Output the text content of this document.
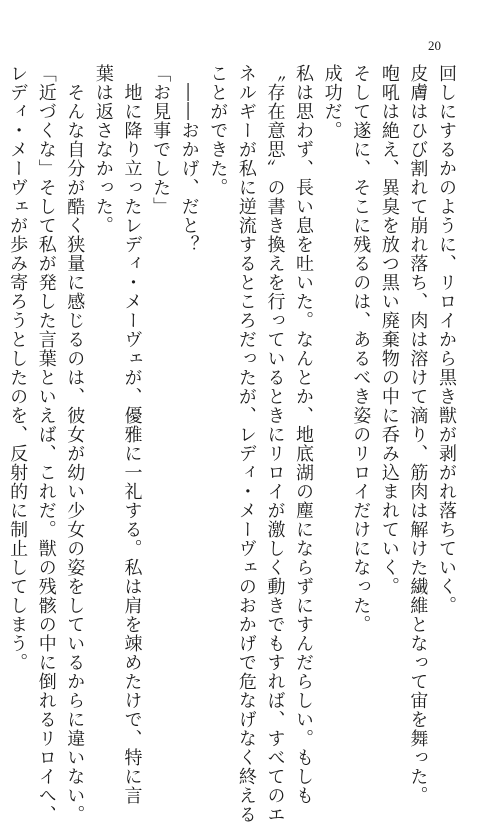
20

回しにするかのように、リロイから黒き獣が剥がれ落ちていく。

皮膚はひび割れて崩れ落ち、肉は溶けて滴り、筋肉は解けた繊維となって宙を舞った。

咆吼は絶え、異臭を放つ黒い廃棄物の中に呑み込まれていく。

そして遂に、そこに残るのは、あるべき姿のリロイだけになった。

成功だ。

私は思わず、長い息を吐いた。なんとか、地底湖の塵にならずにすんだらしい。もしも

〝存在意思〟の書き換えを行っているときにリロイが激しく動きでもすれば、すべてのエ

ネルギーが私に逆流するところだったが、レディ・メーヴェのおかげで危なげなく終える

ことができた。

――おかげ、だと？

「お見事でした」

地に降り立ったレディ・メーヴェが、優雅に一礼する。私は肩を竦めたけで、特に言

葉は返さなかった。

そんな自分が酷く狭量に感じるのは、彼女が幼い少女の姿をしているからに違いない。

「近づくな」そして私が発した言葉といえば、これだ。獣の残骸の中に倒れるリロイへ、

レディ・メーヴェが歩み寄ろうとしたのを、反射的に制止してしまう。
